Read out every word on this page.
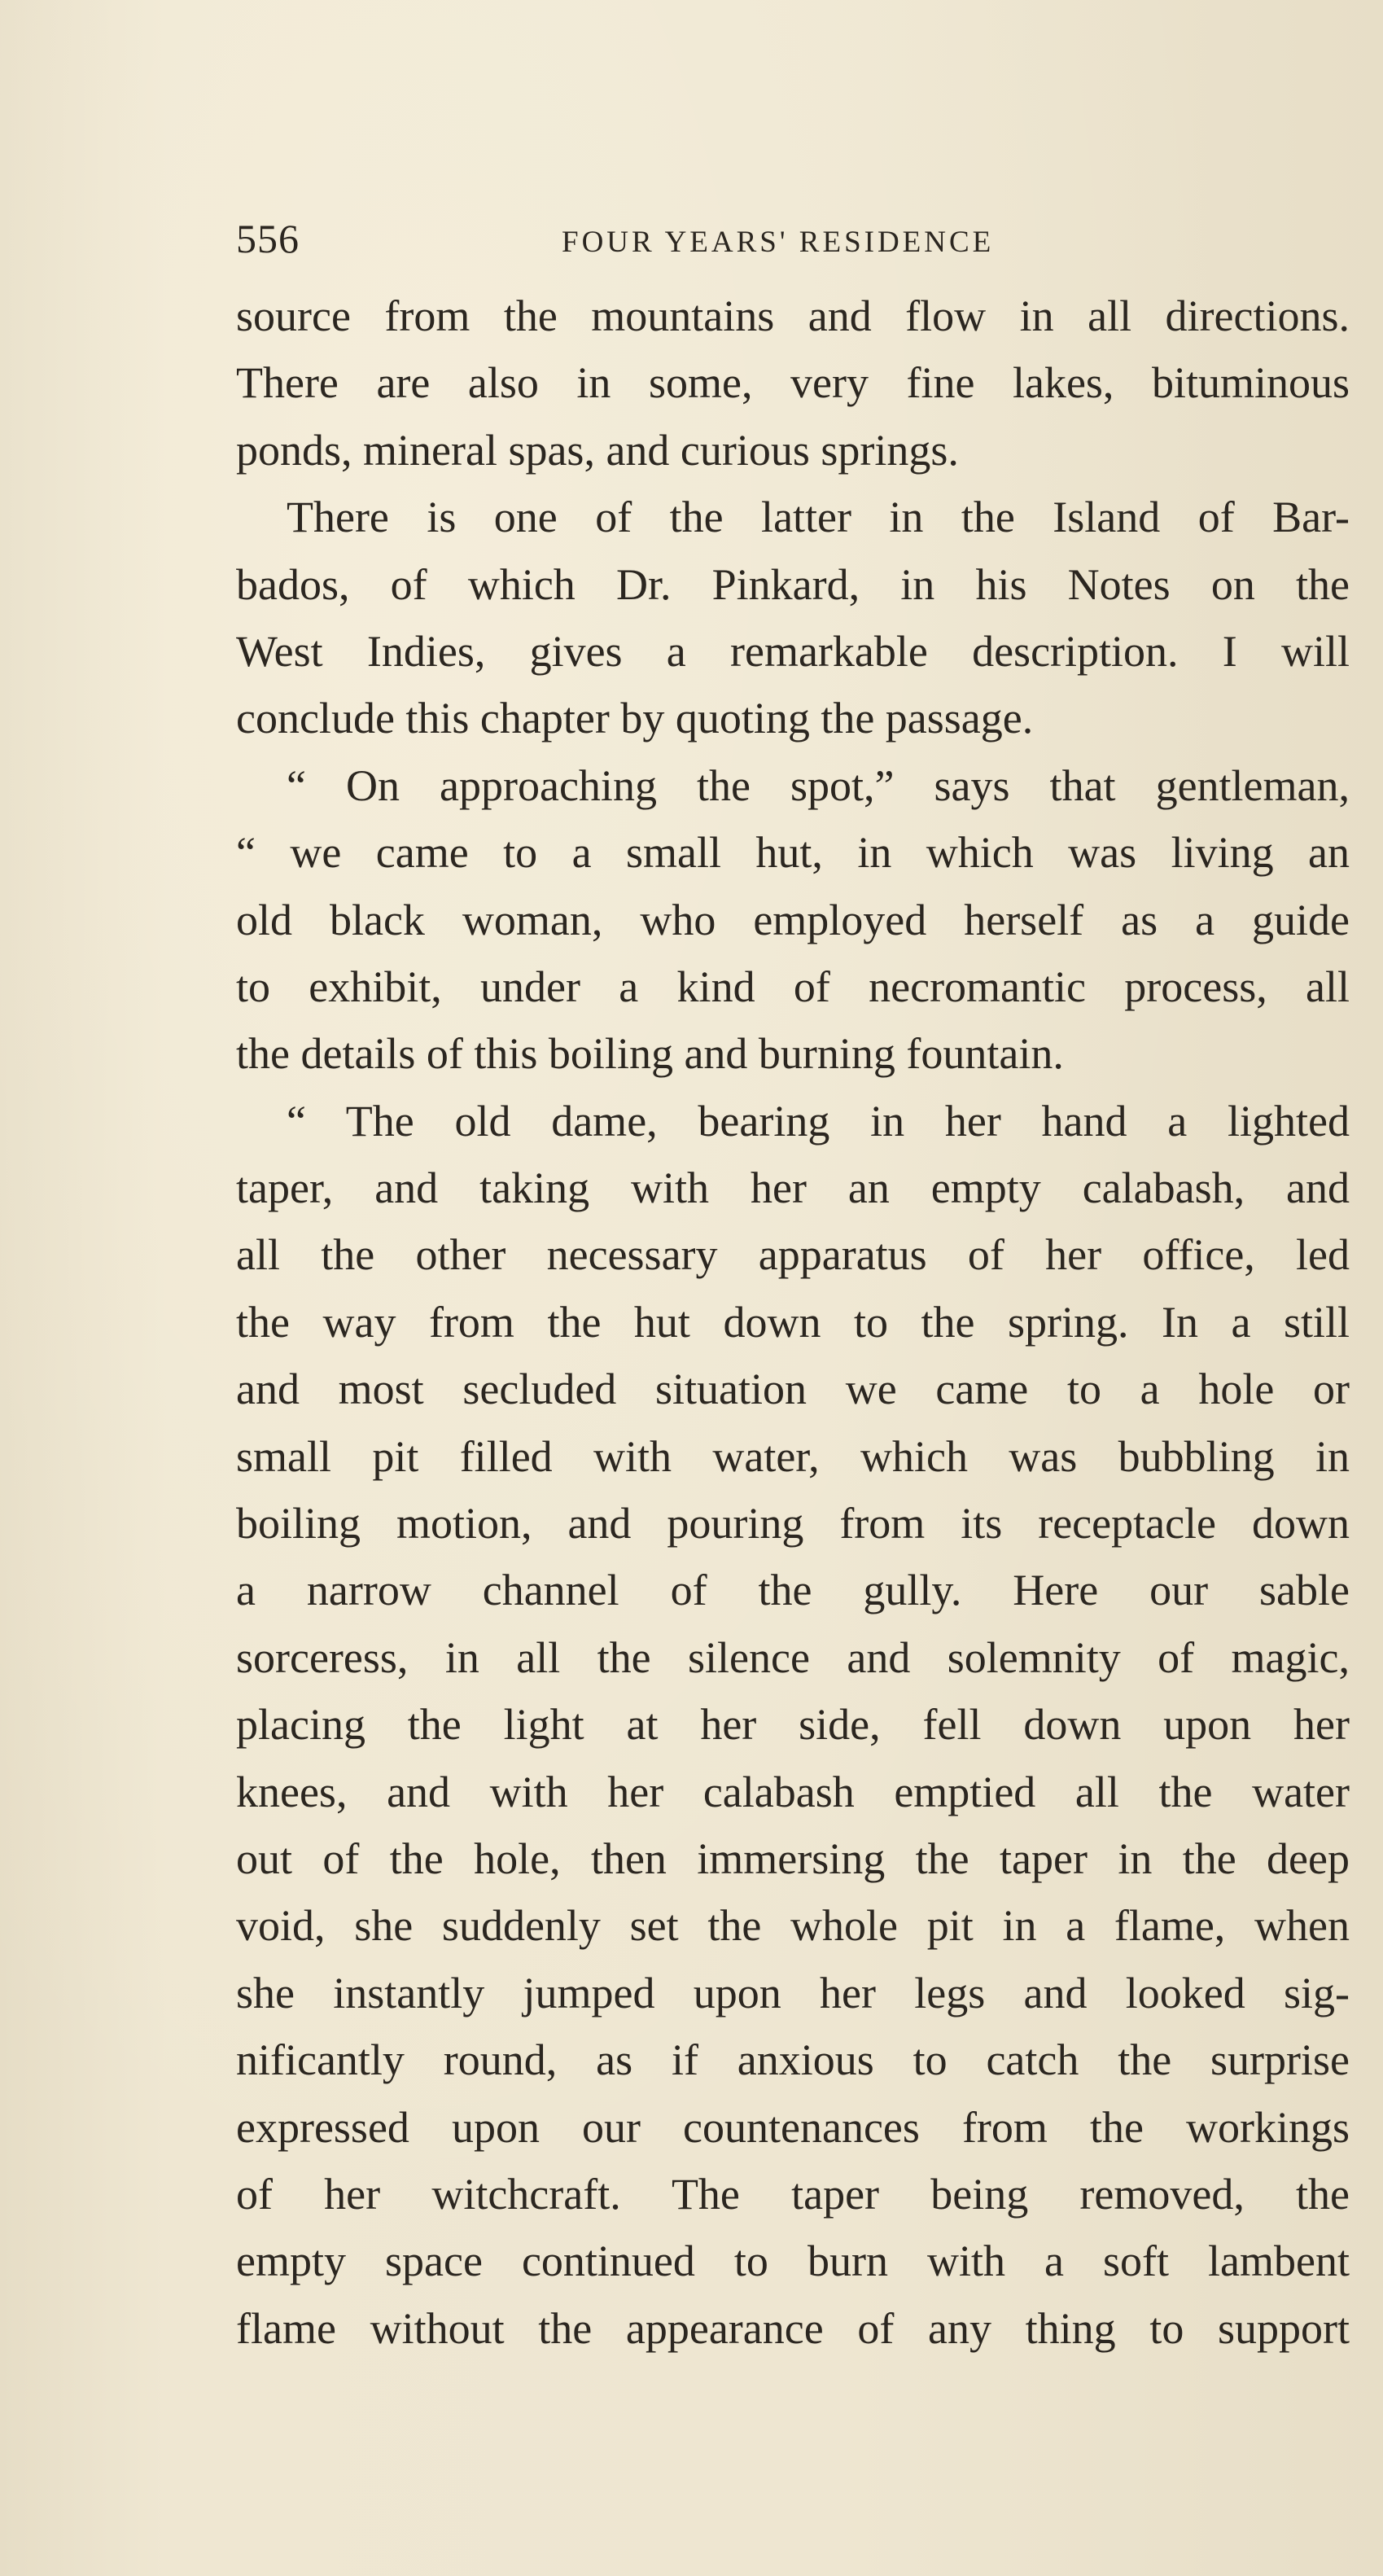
556	FOUR YEARS' RESIDENCE
source from the mountains and flow in all directions.
There are also in some, very fine lakes, bituminous
ponds, mineral spas, and curious springs.
There is one of the latter in the Island of Bar-
bados, of which Dr. Pinkard, in his Notes on the
West Indies, gives a remarkable description. I will
conclude this chapter by quoting the passage.
“ On approaching the spot,” says that gentleman,
“ we came to a small hut, in which was living an
old black woman, who employed herself as a guide
to exhibit, under a kind of necromantic process, all
the details of this boiling and burning fountain.
“ The old dame, bearing in her hand a lighted
taper, and taking with her an empty calabash, and
all the other necessary apparatus of her office, led
the way from the hut down to the spring. In a still
and most secluded situation we came to a hole or
small pit filled with water, which was bubbling in
boiling motion, and pouring from its receptacle down
a narrow channel of the gully. Here our sable
sorceress, in all the silence and solemnity of magic,
placing the light at her side, fell down upon her
knees, and with her calabash emptied all the water
out of the hole, then immersing the taper in the deep
void, she suddenly set the whole pit in a flame, when
she instantly jumped upon her legs and looked sig-
nificantly round, as if anxious to catch the surprise
expressed upon our countenances from the workings
of her witchcraft. The taper being removed, the
empty space continued to burn with a soft lambent
flame without the appearance of any thing to support
